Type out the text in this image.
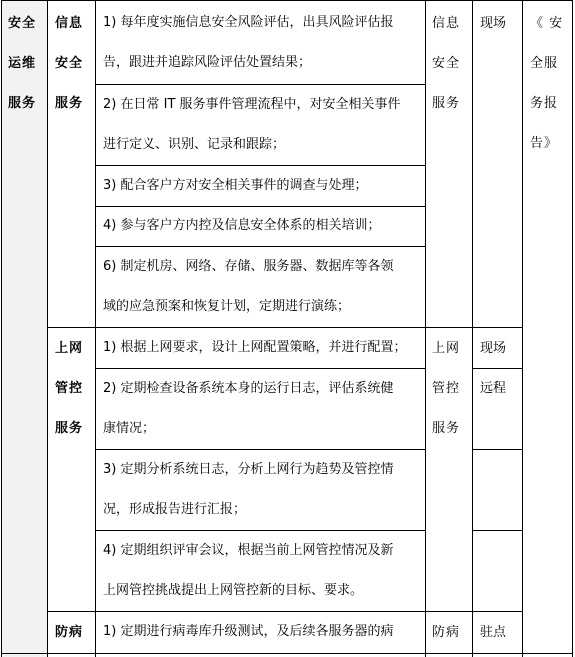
安全
运维
服务
信息
安全
服务
上网
管控
服务
防病
1) 每年度实施信息安全风险评估，出具风险评估报
告，跟进并追踪风险评估处置结果；
2) 在日常 IT 服务事件管理流程中，对安全相关事件
进行定义、识别、记录和跟踪；
3) 配合客户方对安全相关事件的调查与处理；
4) 参与客户方内控及信息安全体系的相关培训；
6) 制定机房、网络、存储、服务器、数据库等各领
域的应急预案和恢复计划，定期进行演练；
1) 根据上网要求，设计上网配置策略，并进行配置；
2) 定期检查设备系统本身的运行日志，评估系统健
康情况；
3) 定期分析系统日志，分析上网行为趋势及管控情
况，形成报告进行汇报；
4) 定期组织评审会议，根据当前上网管控情况及新
上网管控挑战提出上网管控新的目标、要求。
1) 定期进行病毒库升级测试，及后续各服务器的病
信息
安全
服务
上网
管控
服务
防病
现场
现场
远程
驻点
《 安
全服
务报
告》
